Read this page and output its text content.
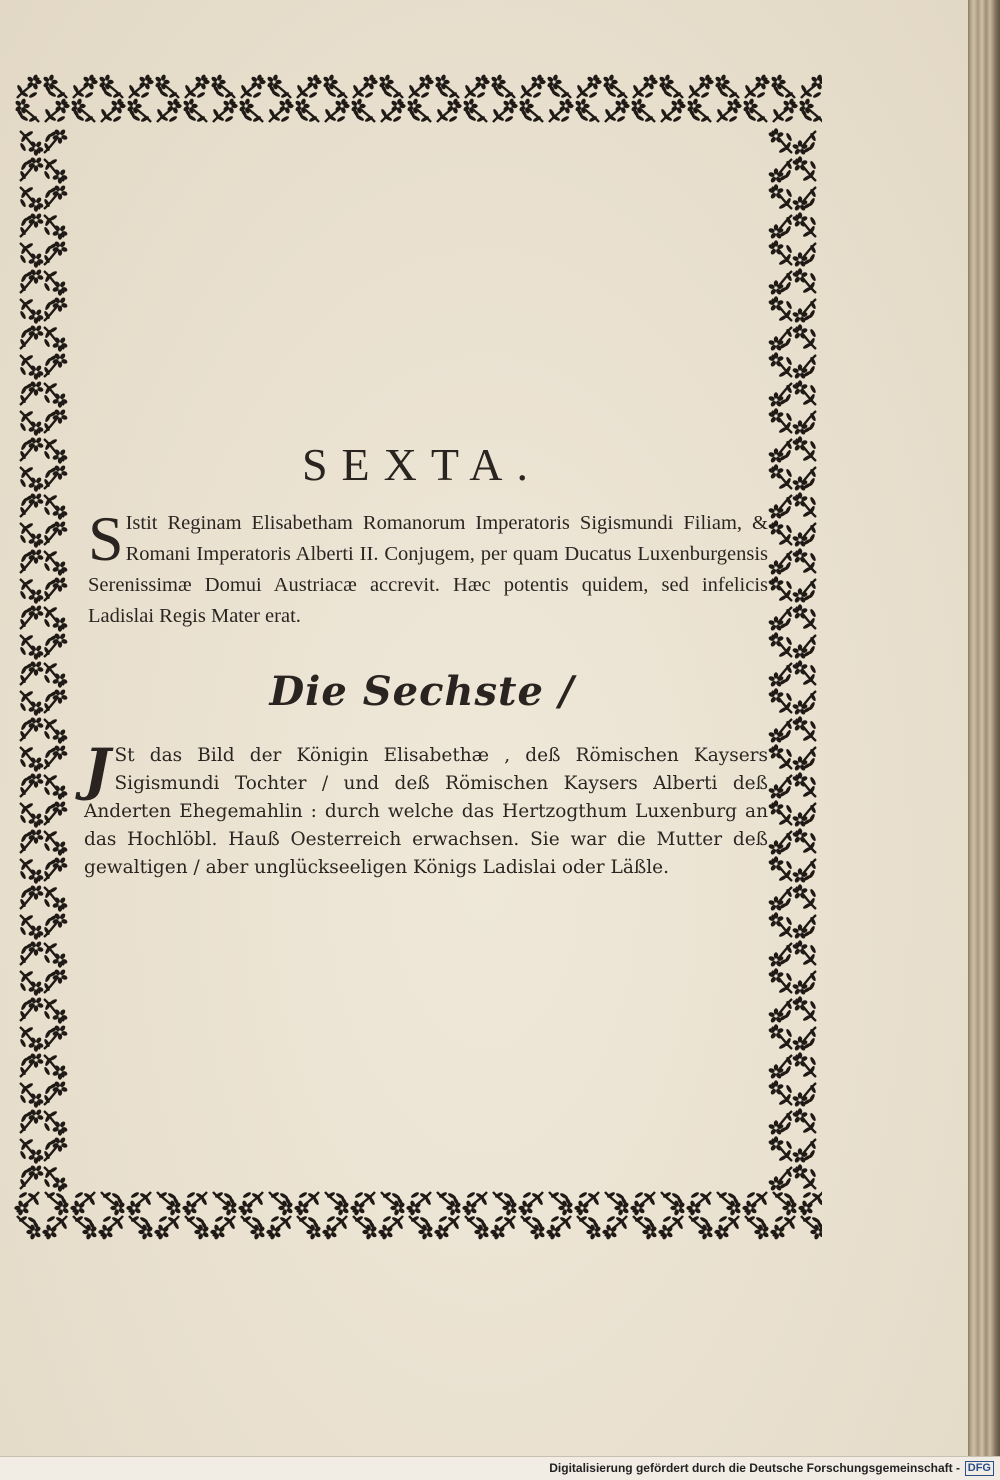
SEXTA.
S Istit Reginam Elisabetham Romanorum Imperatoris Sigismundi Filiam, & Romani Imperatoris Alberti II. Conjugem, per quam Ducatus Luxenburgensis Serenissimæ Domui Austriacæ accrevit. Hæc potentis quidem, sed infelicis Ladislai Regis Mater erat.
Die Sechste /
J St das Bild der Königin Elisabethæ , deß Römischen Kaysers Sigismundi Tochter / und deß Römischen Kaysers Alberti deß Anderten Ehegemahlin : durch welche das Hertzogthum Luxenburg an das Hochlöbl. Hauß Oesterreich erwachsen. Sie war die Mutter deß gewaltigen / aber unglückseeligen Königs Ladislai oder Läßle.
Digitalisierung gefördert durch die Deutsche Forschungsgemeinschaft - DFG
